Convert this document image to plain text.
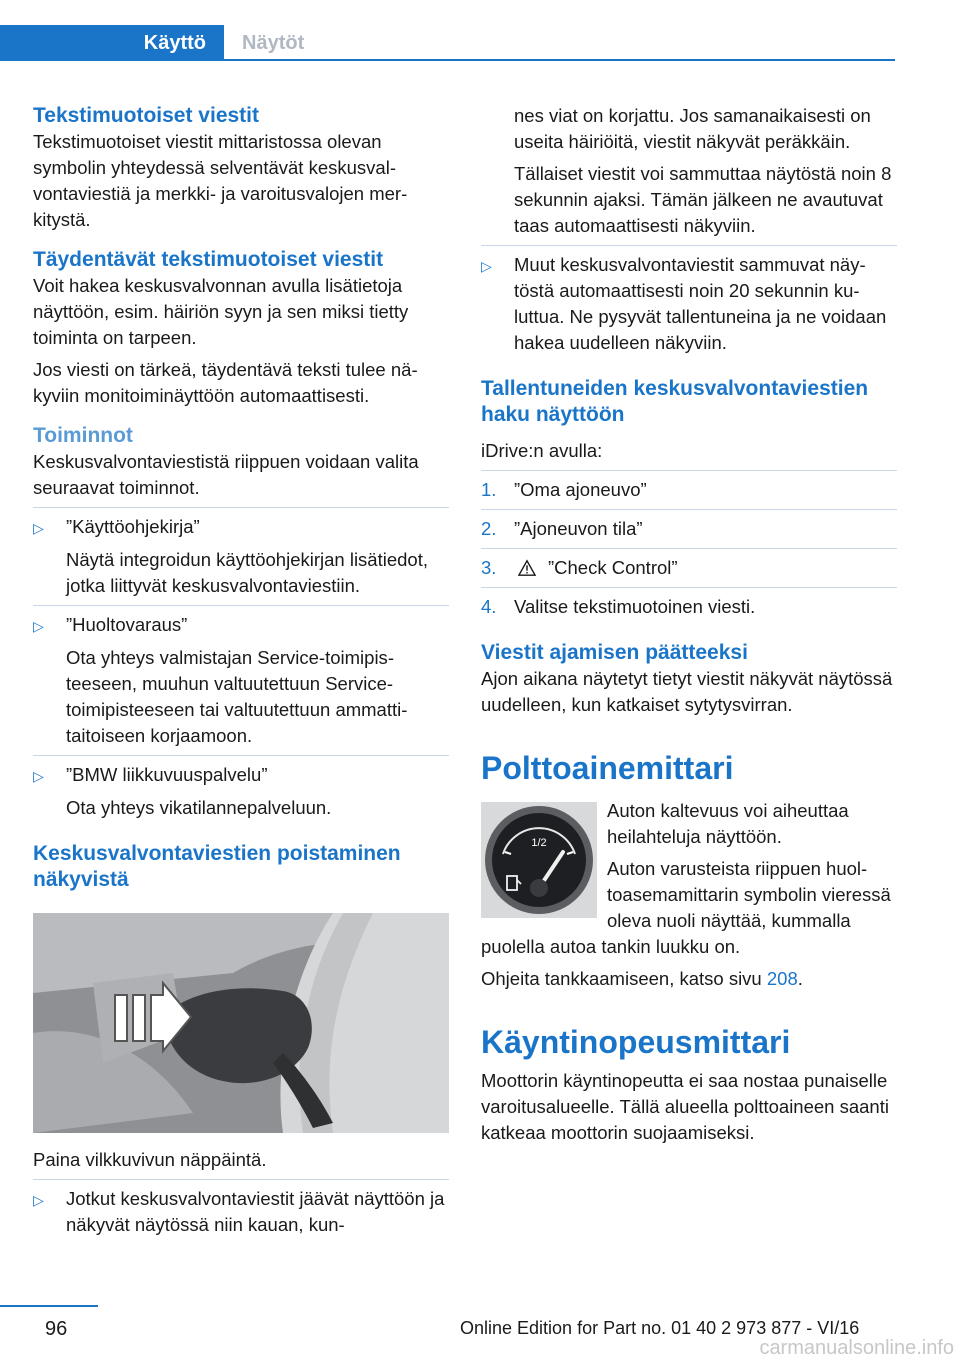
Käyttö	Näytöt
Tekstimuotoiset viestit

Tekstimuotoiset viestit mittaristossa olevan symbolin yhteydessä selventävät keskusvalvontaviestiä ja merkki- ja varoitusvalojen merkitystä.

Täydentävät tekstimuotoiset viestit

Voit hakea keskusvalvonnan avulla lisätietoja näyttöön, esim. häiriön syyn ja sen miksi tietty toiminta on tarpeen.

Jos viesti on tärkeä, täydentävä teksti tulee näkyviin monitoiminäyttöön automaattisesti.

Toiminnot

Keskusvalvontaviestistä riippuen voidaan valita seuraavat toiminnot.

▷	”Käyttöohjekirja”

Näytä integroidun käyttöohjekirjan lisätiedot, jotka liittyvät keskusvalvontaviestiin.

▷	”Huoltovaraus”

Ota yhteys valmistajan Service-toimipisteeseen, muuhun valtuutettuun Service-toimipisteeseen tai valtuutettuun ammattitaitoiseen korjaamoon.

▷	”BMW liikkuvuuspalvelu”

Ota yhteys vikatilannepalveluun.

Keskusvalvontaviestien poistaminen näkyvistä

Paina vilkkuvivun näppäintä.

▷	Jotkut keskusvalvontaviestit jäävät näyttöön ja näkyvät näytössä niin kauan, kun-

nes viat on korjattu. Jos samanaikaisesti on useita häiriöitä, viestit näkyvät peräkkäin.

Tällaiset viestit voi sammuttaa näytöstä noin 8 sekunnin ajaksi. Tämän jälkeen ne avautuvat taas automaattisesti näkyviin.

▷	Muut keskusvalvontaviestit sammuvat näytöstä automaattisesti noin 20 sekunnin kuluttua. Ne pysyvät tallentuneina ja ne voidaan hakea uudelleen näkyviin.
Tallentuneiden keskusvalvontaviestien haku näyttöön

iDrive:n avulla:

1. ”Oma ajoneuvo”
2. ”Ajoneuvon tila”
3.	”Check Control”
4. Valitse tekstimuotoinen viesti.
Viestit ajamisen päätteeksi

Ajon aikana näytetyt tietyt viestit näkyvät näytössä uudelleen, kun katkaiset sytytysvirran.

Polttoainemittari
1/2

Auton kaltevuus voi aiheuttaa heilahteluja näyttöön.

Auton varusteista riippuen huoltoasemamittarin symbolin vieressä oleva nuoli näyttää, kummalla puolella autoa tankin luukku on.

Ohjeita tankkaamiseen, katso sivu 208.

Käyntinopeusmittari

Moottorin käyntinopeutta ei saa nostaa punaiselle varoitusalueelle. Tällä alueella polttoaineen saanti katkeaa moottorin suojaamiseksi.

96	Online Edition for Part no. 01 40 2 973 877 - VI/16
carmanualsonline.info
